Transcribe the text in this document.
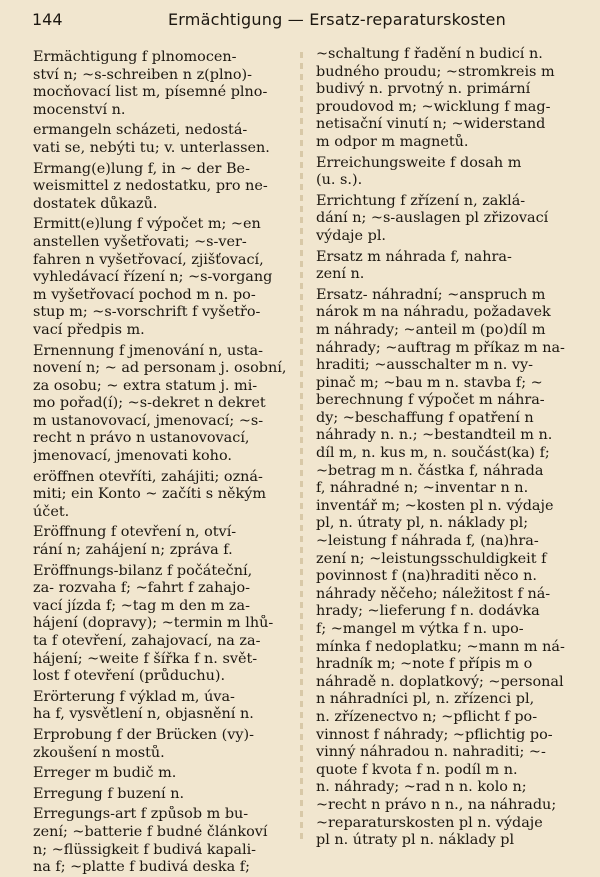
144	Ermächtigung — Ersatz-reparaturskosten
Ermächtigung f plnomocen-
ství n; ~s-schreiben n z(plno)-
mocňovací list m, písemné plno-
mocenství n.
ermangeln scházeti, nedostá-
vati se, nebýti tu; v. unterlassen.
Ermang(e)lung f, in ~ der Be-
weismittel z nedostatku, pro ne-
dostatek důkazů.
Ermitt(e)lung f výpočet m; ~en
anstellen vyšetřovati; ~s-ver-
fahren n vyšetřovací, zjišťovací,
vyhledávací řízení n; ~s-vorgang
m vyšetřovací pochod m n. po-
stup m; ~s-vorschrift f vyšetřo-
vací předpis m.
Ernennung f jmenování n, usta-
novení n; ~ ad personam j. osobní,
za osobu; ~ extra statum j. mi-
mo pořad(í); ~s-dekret n dekret
m ustanovovací, jmenovací; ~s-
recht n právo n ustanovovací,
jmenovací, jmenovati koho.
eröffnen otevříti, zahájiti; ozná-
miti; ein Konto ~ začíti s někým
účet.
Eröffnung f otevření n, otví-
rání n; zahájení n; zpráva f.
Eröffnungs-bilanz f počáteční,
za- rozvaha f; ~fahrt f zahajo-
vací jízda f; ~tag m den m za-
hájení (dopravy); ~termin m lhů-
ta f otevření, zahajovací, na za-
hájení; ~weite f šířka f n. svět-
lost f otevření (průduchu).
Erörterung f výklad m, úva-
ha f, vysvětlení n, objasnění n.
Erprobung f der Brücken (vy)-
zkoušení n mostů.
Erreger m budič m.
Erregung f buzení n.
Erregungs-art f způsob m bu-
zení; ~batterie f budné článkoví
n; ~flüssigkeit f budivá kapali-
na f; ~platte f budivá deska f;
~schaltung f řadění n budicí n.
budného proudu; ~stromkreis m
budivý n. prvotný n. primární
proudovod m; ~wicklung f mag-
netisační vinutí n; ~widerstand
m odpor m magnetů.
Erreichungsweite f dosah m
(u. s.).
Errichtung f zřízení n, zaklá-
dání n; ~s-auslagen pl zřizovací
výdaje pl.
Ersatz m náhrada f, nahra-
zení n.
Ersatz- náhradní; ~anspruch m
nárok m na náhradu, požadavek
m náhrady; ~anteil m (po)díl m
náhrady; ~auftrag m příkaz m na-
hraditi; ~ausschalter m n. vy-
pinač m; ~bau m n. stavba f; ~
berechnung f výpočet m náhra-
dy; ~beschaffung f opatření n
náhrady n. n.; ~bestandteil m n.
díl m, n. kus m, n. součást(ka) f;
~betrag m n. částka f, náhrada
f, náhradné n; ~inventar n n.
inventář m; ~kosten pl n. výdaje
pl, n. útraty pl, n. náklady pl;
~leistung f náhrada f, (na)hra-
zení n; ~leistungsschuldigkeit f
povinnost f (na)hraditi něco n.
náhrady něčeho; náležitost f ná-
hrady; ~lieferung f n. dodávka
f; ~mangel m výtka f n. upo-
mínka f nedoplatku; ~mann m ná-
hradník m; ~note f přípis m o
náhradě n. doplatkový; ~personal
n náhradníci pl, n. zřízenci pl,
n. zřízenectvo n; ~pflicht f po-
vinnost f náhrady; ~pflichtig po-
vinný náhradou n. nahraditi; ~-
quote f kvota f n. podíl m n.
n. náhrady; ~rad n n. kolo n;
~recht n právo n n., na náhradu;
~reparaturskosten pl n. výdaje
pl n. útraty pl n. náklady pl
